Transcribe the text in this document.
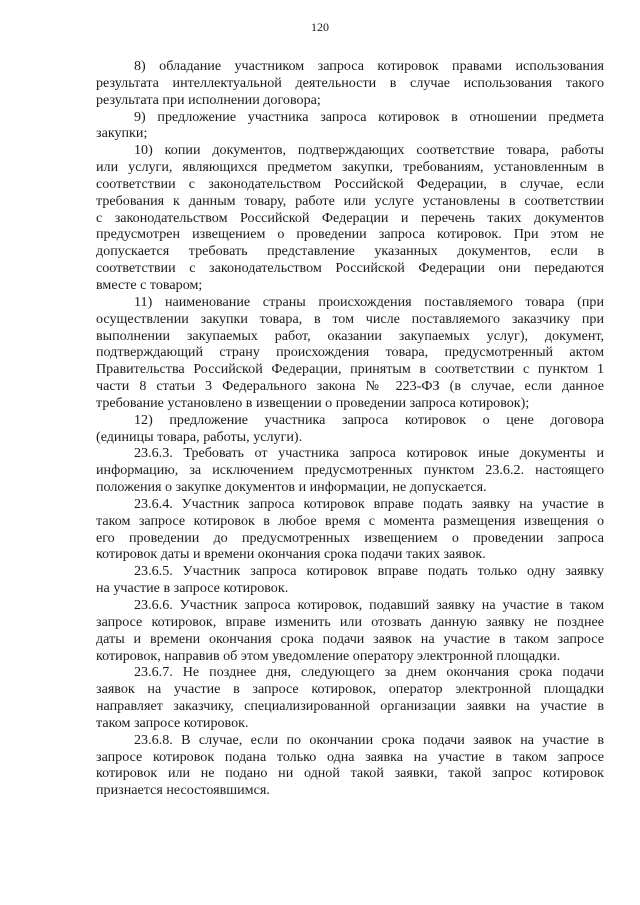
120
8) обладание участником запроса котировок правами использования
результата интеллектуальной деятельности в случае использования такого
результата при исполнении договора;
9) предложение участника запроса котировок в отношении предмета
закупки;
10) копии документов, подтверждающих соответствие товара, работы
или услуги, являющихся предметом закупки, требованиям, установленным в
соответствии с законодательством Российской Федерации, в случае, если
требования к данным товару, работе или услуге установлены в соответствии
с законодательством Российской Федерации и перечень таких документов
предусмотрен извещением о проведении запроса котировок. При этом не
допускается требовать представление указанных документов, если в
соответствии с законодательством Российской Федерации они передаются
вместе с товаром;
11) наименование страны происхождения поставляемого товара (при
осуществлении закупки товара, в том числе поставляемого заказчику при
выполнении закупаемых работ, оказании закупаемых услуг), документ,
подтверждающий страну происхождения товара, предусмотренный актом
Правительства Российской Федерации, принятым в соответствии с пунктом 1
части 8 статьи 3 Федерального закона № 223-ФЗ (в случае, если данное
требование установлено в извещении о проведении запроса котировок);
12) предложение участника запроса котировок о цене договора
(единицы товара, работы, услуги).
23.6.3. Требовать от участника запроса котировок иные документы и
информацию, за исключением предусмотренных пунктом 23.6.2. настоящего
положения о закупке документов и информации, не допускается.
23.6.4. Участник запроса котировок вправе подать заявку на участие в
таком запросе котировок в любое время с момента размещения извещения о
его проведении до предусмотренных извещением о проведении запроса
котировок даты и времени окончания срока подачи таких заявок.
23.6.5. Участник запроса котировок вправе подать только одну заявку
на участие в запросе котировок.
23.6.6. Участник запроса котировок, подавший заявку на участие в таком
запросе котировок, вправе изменить или отозвать данную заявку не позднее
даты и времени окончания срока подачи заявок на участие в таком запросе
котировок, направив об этом уведомление оператору электронной площадки.
23.6.7. Не позднее дня, следующего за днем окончания срока подачи
заявок на участие в запросе котировок, оператор электронной площадки
направляет заказчику, специализированной организации заявки на участие в
таком запросе котировок.
23.6.8. В случае, если по окончании срока подачи заявок на участие в
запросе котировок подана только одна заявка на участие в таком запросе
котировок или не подано ни одной такой заявки, такой запрос котировок
признается несостоявшимся.
